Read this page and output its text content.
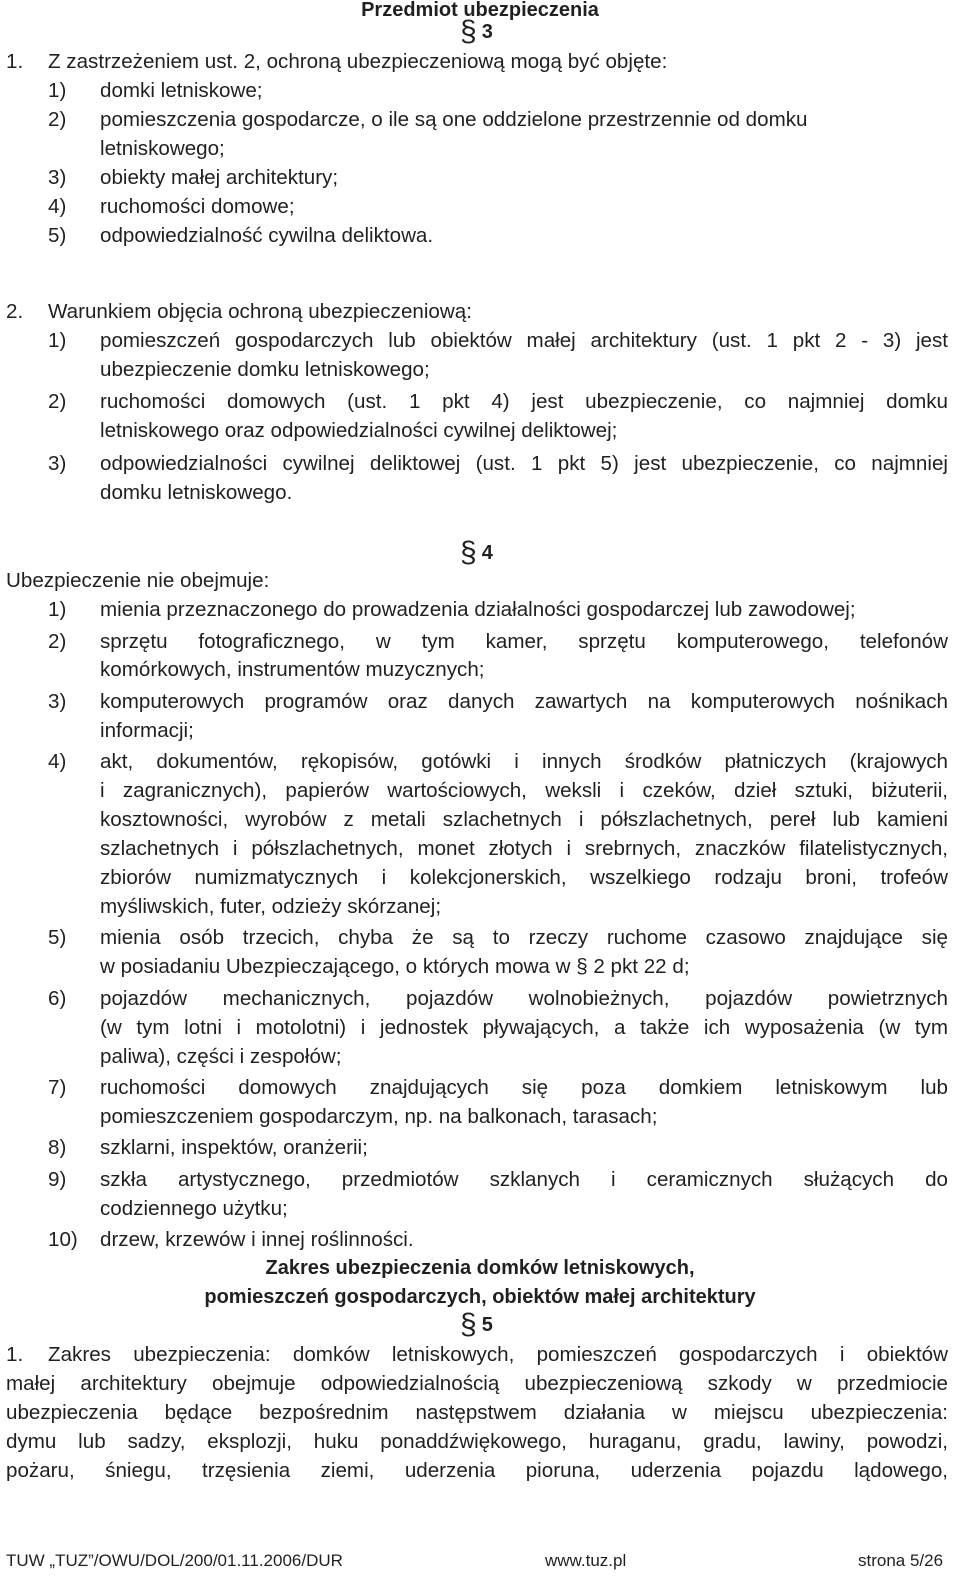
Przedmiot ubezpieczenia
§ 3
1. Z zastrzeżeniem ust. 2, ochroną ubezpieczeniową mogą być objęte:
1) domki letniskowe;
2) pomieszczenia gospodarcze, o ile są one oddzielone przestrzennie od domku
letniskowego;
3) obiekty małej architektury;
4) ruchomości domowe;
5) odpowiedzialność cywilna deliktowa.
2. Warunkiem objęcia ochroną ubezpieczeniową:
1) pomieszczeń gospodarczych lub obiektów małej architektury (ust. 1 pkt 2 - 3) jest
ubezpieczenie domku letniskowego;
2) ruchomości domowych (ust. 1 pkt 4) jest ubezpieczenie, co najmniej domku
letniskowego oraz odpowiedzialności cywilnej deliktowej;
3) odpowiedzialności cywilnej deliktowej (ust. 1 pkt 5) jest ubezpieczenie, co najmniej
domku letniskowego.
§ 4
Ubezpieczenie nie obejmuje:
1) mienia przeznaczonego do prowadzenia działalności gospodarczej lub zawodowej;
2) sprzętu fotograficznego, w tym kamer, sprzętu komputerowego, telefonów
komórkowych, instrumentów muzycznych;
3) komputerowych programów oraz danych zawartych na komputerowych nośnikach
informacji;
4) akt, dokumentów, rękopisów, gotówki i innych środków płatniczych (krajowych
i zagranicznych), papierów wartościowych, weksli i czeków, dzieł sztuki, biżuterii,
kosztowności, wyrobów z metali szlachetnych i półszlachetnych, pereł lub kamieni
szlachetnych i półszlachetnych, monet złotych i srebrnych, znaczków filatelistycznych,
zbiorów numizmatycznych i kolekcjonerskich, wszelkiego rodzaju broni, trofeów
myśliwskich, futer, odzieży skórzanej;
5) mienia osób trzecich, chyba że są to rzeczy ruchome czasowo znajdujące się
w posiadaniu Ubezpieczającego, o których mowa w § 2 pkt 22 d;
6) pojazdów mechanicznych, pojazdów wolnobieżnych, pojazdów powietrznych
(w tym lotni i motolotni) i jednostek pływających, a także ich wyposażenia (w tym
paliwa), części i zespołów;
7) ruchomości domowych znajdujących się poza domkiem letniskowym lub
pomieszczeniem gospodarczym, np. na balkonach, tarasach;
8) szklarni, inspektów, oranżerii;
9) szkła artystycznego, przedmiotów szklanych i ceramicznych służących do
codziennego użytku;
10) drzew, krzewów i innej roślinności.
Zakres ubezpieczenia domków letniskowych,
pomieszczeń gospodarczych, obiektów małej architektury
§ 5
1. Zakres ubezpieczenia: domków letniskowych, pomieszczeń gospodarczych i obiektów
małej architektury obejmuje odpowiedzialnością ubezpieczeniową szkody w przedmiocie
ubezpieczenia będące bezpośrednim następstwem działania w miejscu ubezpieczenia:
dymu lub sadzy, eksplozji, huku ponaddźwiękowego, huraganu, gradu, lawiny, powodzi,
pożaru, śniegu, trzęsienia ziemi, uderzenia pioruna, uderzenia pojazdu lądowego,
TUW „TUZ”/OWU/DOL/200/01.11.2006/DUR	www.tuz.pl	strona 5/26
